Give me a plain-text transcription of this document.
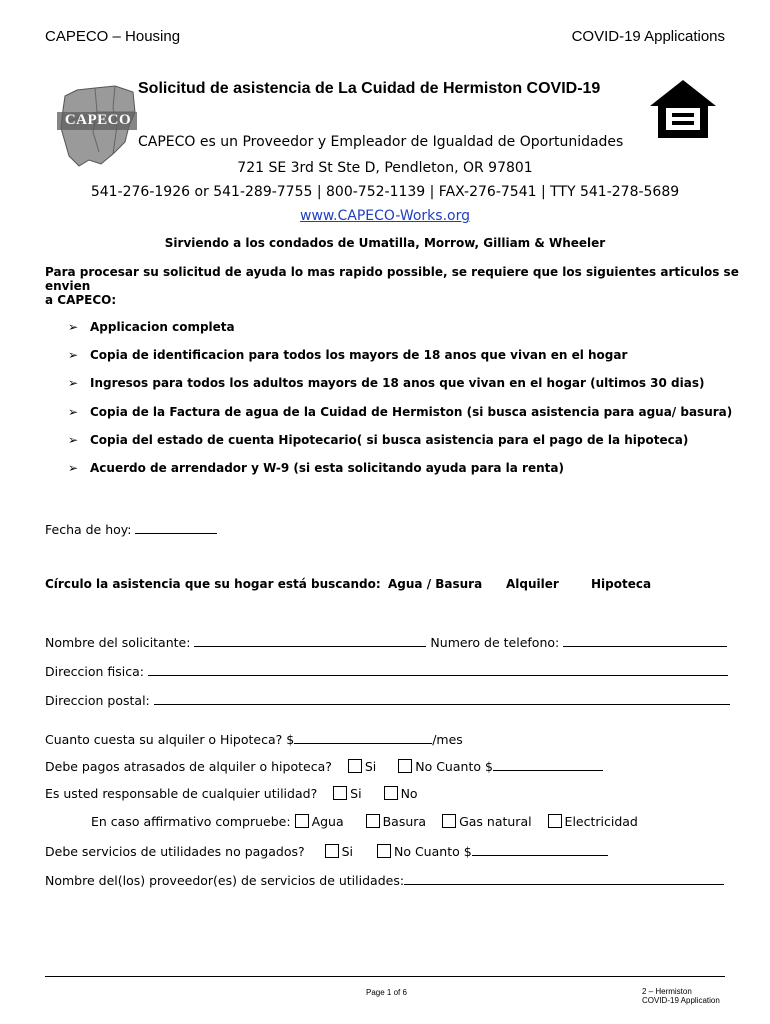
CAPECO – Housing	COVID-19 Applications
CAPECO
Solicitud de asistencia de La Cuidad de Hermiston COVID-19
CAPECO es un Proveedor y Empleador de Igualdad de Oportunidades
721 SE 3rd St Ste D, Pendleton, OR 97801
541-276-1926 or 541-289-7755 | 800-752-1139 | FAX-276-7541 | TTY 541-278-5689
www.CAPECO-Works.org
Sirviendo a los condados de Umatilla, Morrow, Gilliam & Wheeler
Para procesar su solicitud de ayuda lo mas rapido possible, se requiere que los siguientes articulos se envien
a CAPECO:
➢ Applicacion completa
➢ Copia de identificacion para todos los mayors de 18 anos que vivan en el hogar
➢ Ingresos para todos los adultos mayors de 18 anos que vivan en el hogar (ultimos 30 dias)
➢ Copia de la Factura de agua de la Cuidad de Hermiston (si busca asistencia para agua/ basura)
➢ Copia del estado de cuenta Hipotecario( si busca asistencia para el pago de la hipoteca)
➢ Acuerdo de arrendador y W-9 (si esta solicitando ayuda para la renta)
Fecha de hoy:
Círculo la asistencia que su hogar está buscando: Agua / Basura Alquiler	Hipoteca
Nombre del solicitante:	Numero de telefono:
Direccion fisica:
Direccion postal:
Cuanto cuesta su alquiler o Hipoteca? $	/mes
Debe pagos atrasados de alquiler o hipoteca?	Si	No Cuanto $
Es usted responsable de cualquier utilidad?	Si	No
En caso affirmativo compruebe: Agua	Basura	Gas natural	Electricidad
Debe servicios de utilidades no pagados?	Si	No Cuanto $
Nombre del(los) proveedor(es) de servicios de utilidades:
Page 1 of 6	2 – Hermiston
COVID-19 Application
